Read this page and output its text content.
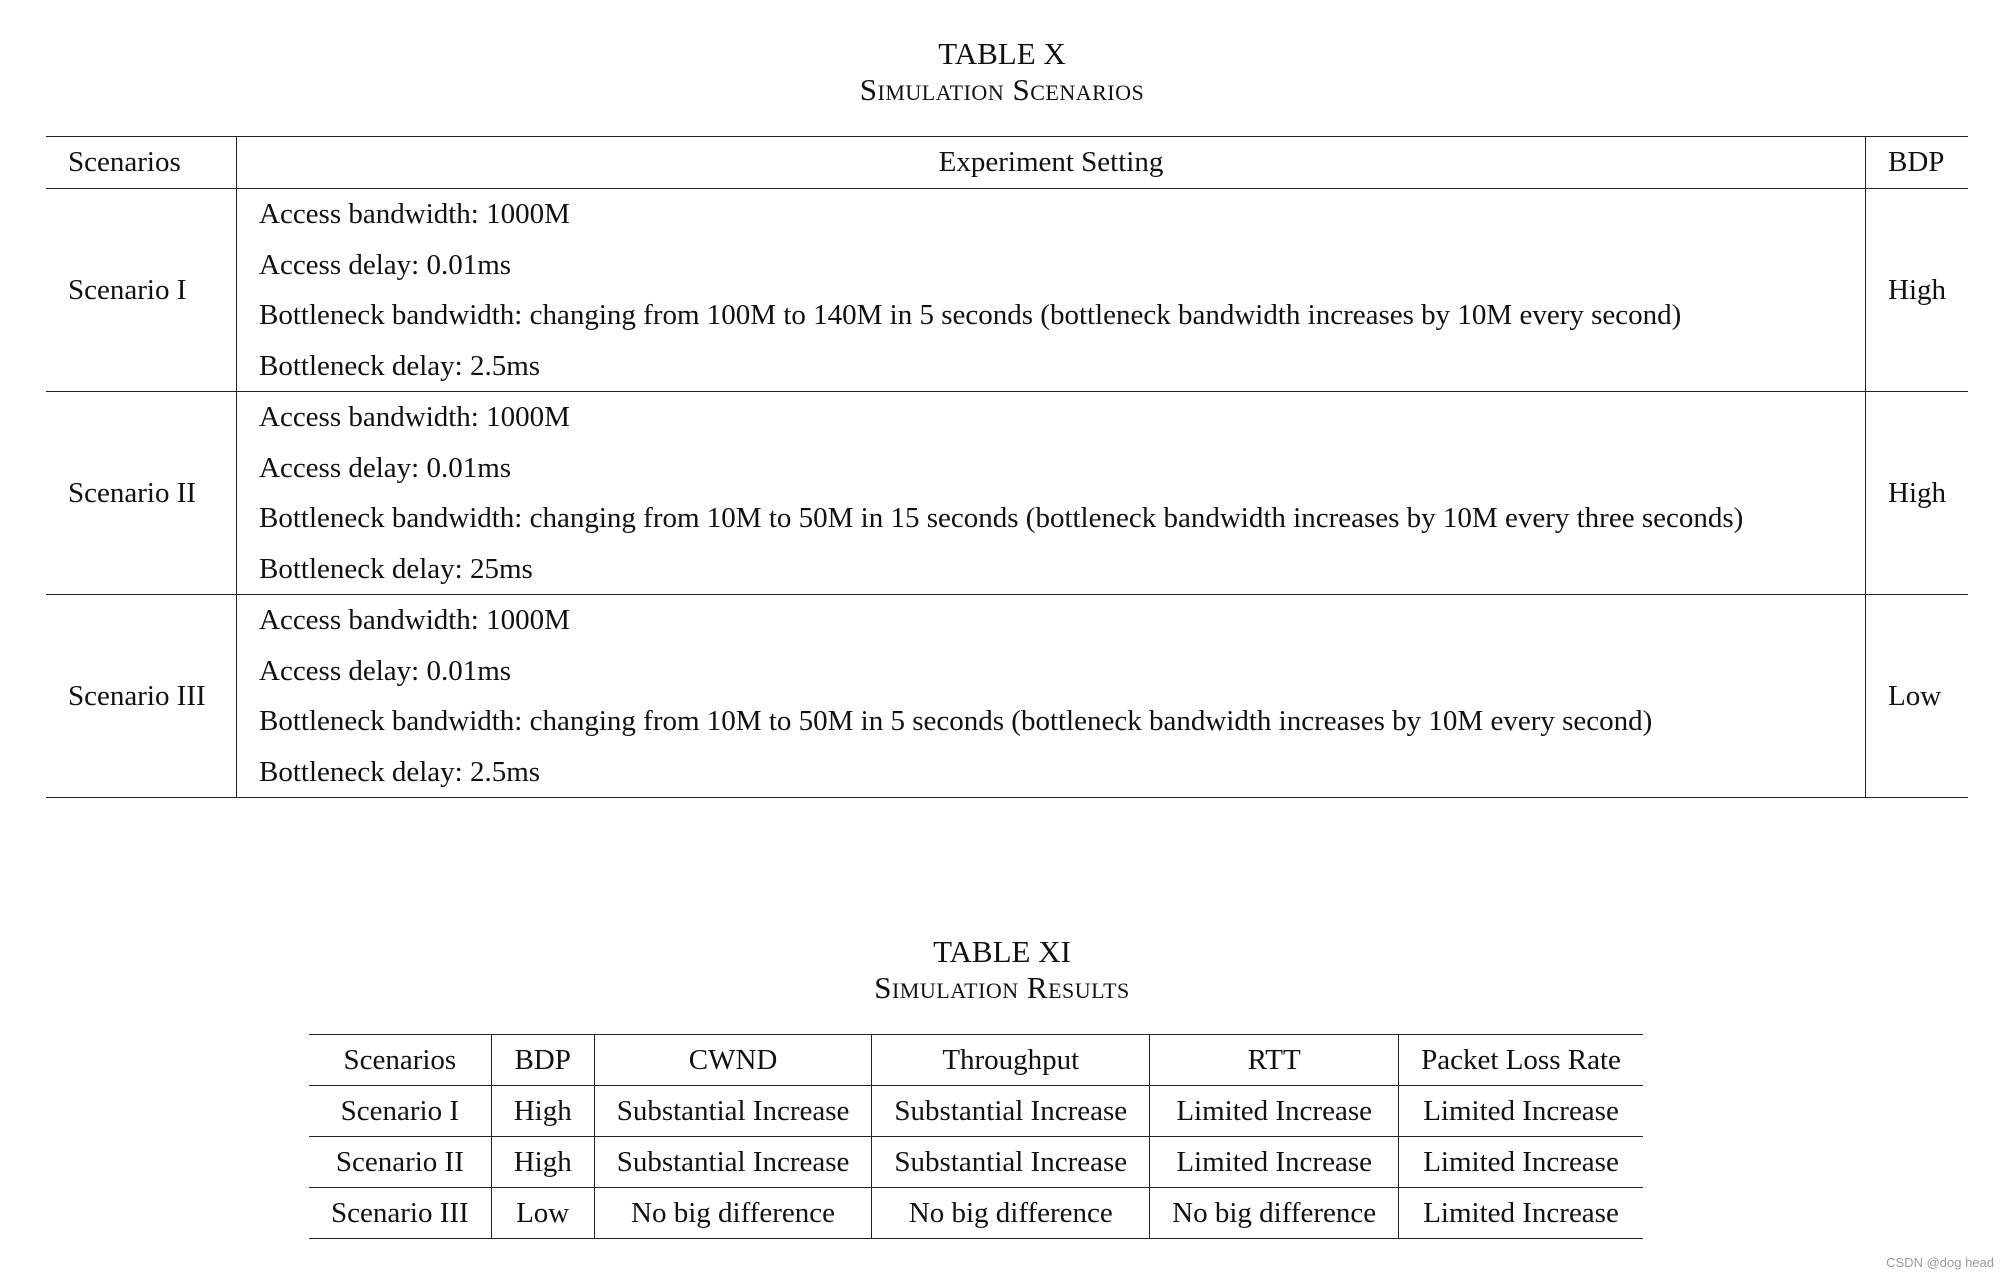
TABLE X
Simulation Scenarios
Scenarios	Experiment Setting	BDP
Scenario I	Access bandwidth: 1000M
Access delay: 0.01ms
Bottleneck bandwidth: changing from 100M to 140M in 5 seconds (bottleneck bandwidth increases by 10M every second)
Bottleneck delay: 2.5ms	High
Scenario II	Access bandwidth: 1000M
Access delay: 0.01ms
Bottleneck bandwidth: changing from 10M to 50M in 15 seconds (bottleneck bandwidth increases by 10M every three seconds)
Bottleneck delay: 25ms	High
Scenario III	Access bandwidth: 1000M
Access delay: 0.01ms
Bottleneck bandwidth: changing from 10M to 50M in 5 seconds (bottleneck bandwidth increases by 10M every second)
Bottleneck delay: 2.5ms	Low
TABLE XI
Simulation Results
Scenarios	BDP	CWND	Throughput	RTT	Packet Loss Rate
Scenario I	High	Substantial Increase	Substantial Increase	Limited Increase	Limited Increase
Scenario II	High	Substantial Increase	Substantial Increase	Limited Increase	Limited Increase
Scenario III	Low	No big difference	No big difference	No big difference	Limited Increase
CSDN @dog head
